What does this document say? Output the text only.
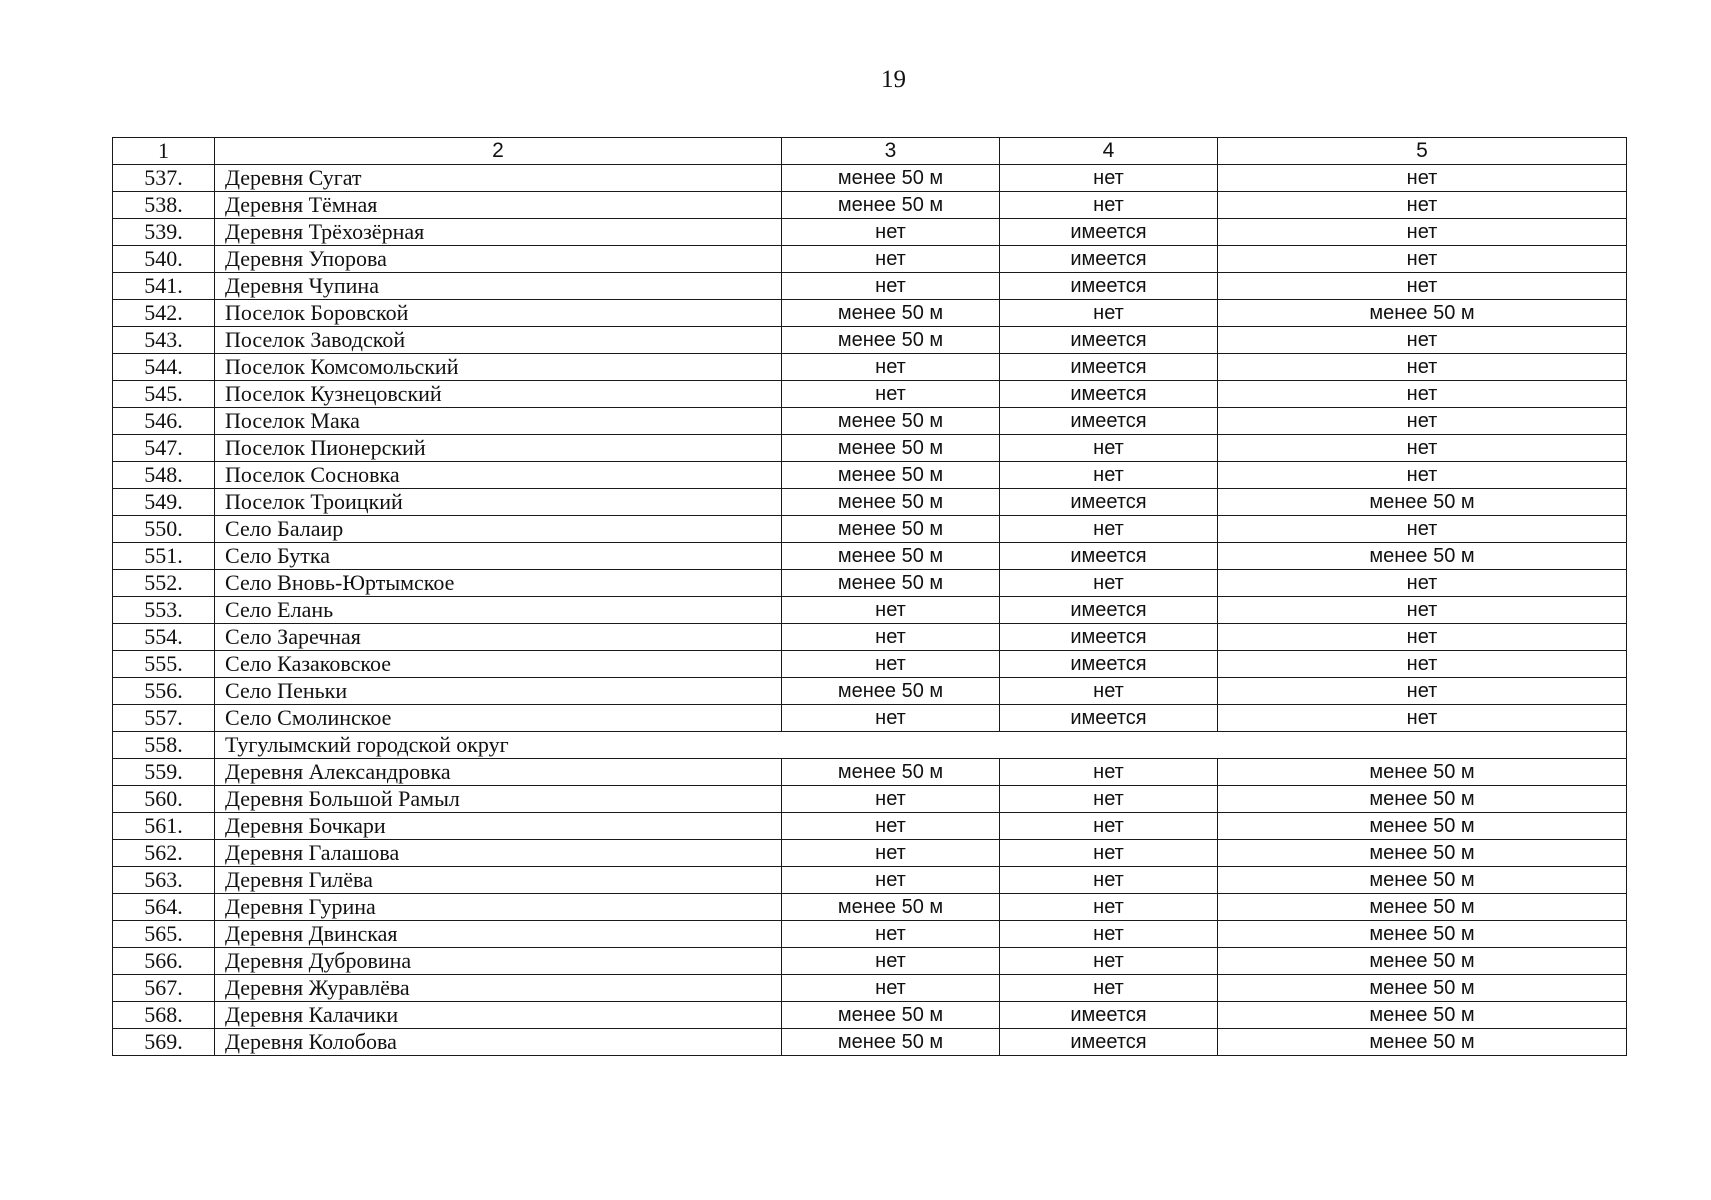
19
1	2	3	4	5
537.	Деревня Сугат	менее 50 м	нет	нет
538.	Деревня Тёмная	менее 50 м	нет	нет
539.	Деревня Трёхозёрная	нет	имеется	нет
540.	Деревня Упорова	нет	имеется	нет
541.	Деревня Чупина	нет	имеется	нет
542.	Поселок Боровской	менее 50 м	нет	менее 50 м
543.	Поселок Заводской	менее 50 м	имеется	нет
544.	Поселок Комсомольский	нет	имеется	нет
545.	Поселок Кузнецовский	нет	имеется	нет
546.	Поселок Мака	менее 50 м	имеется	нет
547.	Поселок Пионерский	менее 50 м	нет	нет
548.	Поселок Сосновка	менее 50 м	нет	нет
549.	Поселок Троицкий	менее 50 м	имеется	менее 50 м
550.	Село Балаир	менее 50 м	нет	нет
551.	Село Бутка	менее 50 м	имеется	менее 50 м
552.	Село Вновь-Юртымское	менее 50 м	нет	нет
553.	Село Елань	нет	имеется	нет
554.	Село Заречная	нет	имеется	нет
555.	Село Казаковское	нет	имеется	нет
556.	Село Пеньки	менее 50 м	нет	нет
557.	Село Смолинское	нет	имеется	нет
558.	Тугулымский городской округ			
559.	Деревня Александровка	менее 50 м	нет	менее 50 м
560.	Деревня Большой Рамыл	нет	нет	менее 50 м
561.	Деревня Бочкари	нет	нет	менее 50 м
562.	Деревня Галашова	нет	нет	менее 50 м
563.	Деревня Гилёва	нет	нет	менее 50 м
564.	Деревня Гурина	менее 50 м	нет	менее 50 м
565.	Деревня Двинская	нет	нет	менее 50 м
566.	Деревня Дубровина	нет	нет	менее 50 м
567.	Деревня Журавлёва	нет	нет	менее 50 м
568.	Деревня Калачики	менее 50 м	имеется	менее 50 м
569.	Деревня Колобова	менее 50 м	имеется	менее 50 м
